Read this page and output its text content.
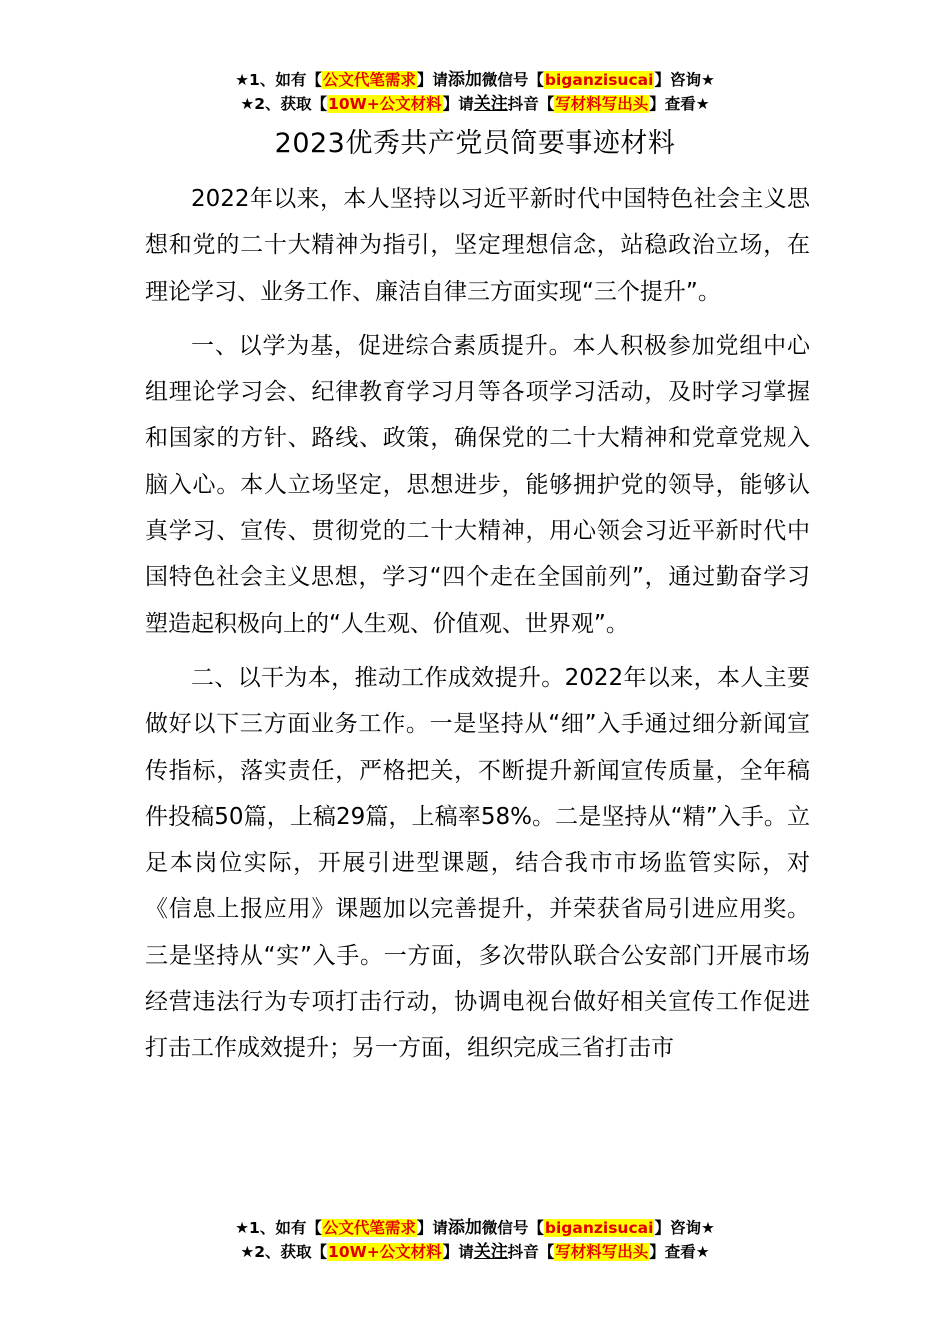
★1、如有【公文代笔需求】请添加微信号【biganzisucai】咨询★
★2、获取【10W+公文材料】请关注抖音【写材料写出头】查看★
2023优秀共产党员简要事迹材料

2022年以来，本人坚持以习近平新时代中国特色社会主义思想和党的二十大精神为指引，坚定理想信念，站稳政治立场，在理论学习、业务工作、廉洁自律三方面实现“三个提升”。

一、以学为基，促进综合素质提升。本人积极参加党组中心组理论学习会、纪律教育学习月等各项学习活动，及时学习掌握和国家的方针、路线、政策，确保党的二十大精神和党章党规入脑入心。本人立场坚定，思想进步，能够拥护党的领导，能够认真学习、宣传、贯彻党的二十大精神，用心领会习近平新时代中国特色社会主义思想，学习“四个走在全国前列”，通过勤奋学习塑造起积极向上的“人生观、价值观、世界观”。

二、以干为本，推动工作成效提升。2022年以来，本人主要做好以下三方面业务工作。一是坚持从“细”入手通过细分新闻宣传指标，落实责任，严格把关，不断提升新闻宣传质量，全年稿件投稿50篇，上稿29篇，上稿率58%。二是坚持从“精”入手。立足本岗位实际，开展引进型课题，结合我市市场监管实际，对《信息上报应用》课题加以完善提升，并荣获省局引进应用奖。三是坚持从“实”入手。一方面，多次带队联合公安部门开展市场经营违法行为专项打击行动，协调电视台做好相关宣传工作促进打击工作成效提升；另一方面，组织完成三省打击市

★1、如有【公文代笔需求】请添加微信号【biganzisucai】咨询★
★2、获取【10W+公文材料】请关注抖音【写材料写出头】查看★
